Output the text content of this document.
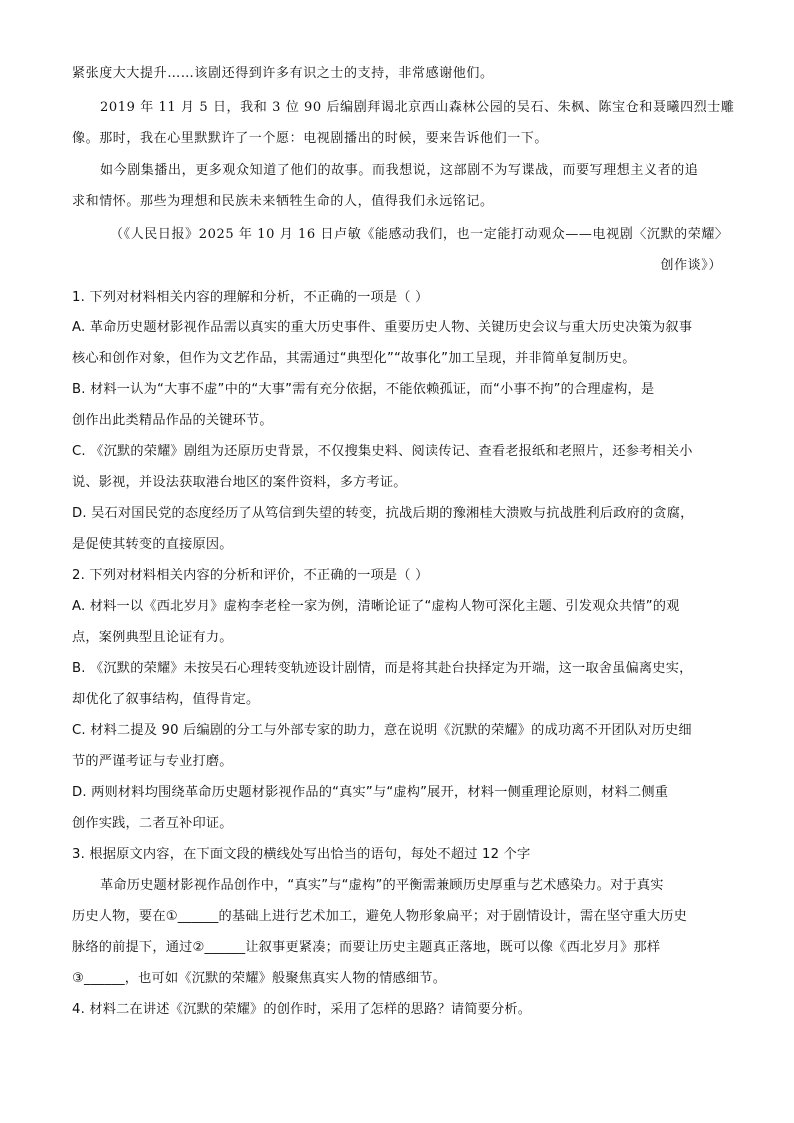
紧张度大大提升……该剧还得到许多有识之士的支持，非常感谢他们。
2019 年 11 月 5 日，我和 3 位 90 后编剧拜谒北京西山森林公园的吴石、朱枫、陈宝仓和聂曦四烈士雕
像。那时，我在心里默默许了一个愿：电视剧播出的时候，要来告诉他们一下。
如今剧集播出，更多观众知道了他们的故事。而我想说，这部剧不为写谍战，而要写理想主义者的追
求和情怀。那些为理想和民族未来牺牲生命的人，值得我们永远铭记。
（《人民日报》2025 年 10 月 16 日卢敏《能感动我们，也一定能打动观众——电视剧〈沉默的荣耀〉
创作谈》）
1. 下列对材料相关内容的理解和分析，不正确的一项是（ ）
A. 革命历史题材影视作品需以真实的重大历史事件、重要历史人物、关键历史会议与重大历史决策为叙事
核心和创作对象，但作为文艺作品，其需通过“典型化”“故事化”加工呈现，并非简单复制历史。
B. 材料一认为“大事不虚”中的“大事”需有充分依据，不能依赖孤证，而“小事不拘”的合理虚构，是
创作出此类精品作品的关键环节。
C. 《沉默的荣耀》剧组为还原历史背景，不仅搜集史料、阅读传记、查看老报纸和老照片，还参考相关小
说、影视，并设法获取港台地区的案件资料，多方考证。
D. 吴石对国民党的态度经历了从笃信到失望的转变，抗战后期的豫湘桂大溃败与抗战胜利后政府的贪腐，
是促使其转变的直接原因。
2. 下列对材料相关内容的分析和评价，不正确的一项是（ ）
A. 材料一以《西北岁月》虚构李老栓一家为例，清晰论证了“虚构人物可深化主题、引发观众共情”的观
点，案例典型且论证有力。
B. 《沉默的荣耀》未按吴石心理转变轨迹设计剧情，而是将其赴台抉择定为开端，这一取舍虽偏离史实，
却优化了叙事结构，值得肯定。
C. 材料二提及 90 后编剧的分工与外部专家的助力，意在说明《沉默的荣耀》的成功离不开团队对历史细
节的严谨考证与专业打磨。
D. 两则材料均围绕革命历史题材影视作品的“真实”与“虚构”展开，材料一侧重理论原则，材料二侧重
创作实践，二者互补印证。
3. 根据原文内容，在下面文段的横线处写出恰当的语句，每处不超过 12 个字
革命历史题材影视作品创作中，“真实”与“虚构”的平衡需兼顾历史厚重与艺术感染力。对于真实
历史人物，要在①______的基础上进行艺术加工，避免人物形象扁平；对于剧情设计，需在坚守重大历史
脉络的前提下，通过②______让叙事更紧凑；而要让历史主题真正落地，既可以像《西北岁月》那样
③______，也可如《沉默的荣耀》般聚焦真实人物的情感细节。
4. 材料二在讲述《沉默的荣耀》的创作时，采用了怎样的思路？请简要分析。
